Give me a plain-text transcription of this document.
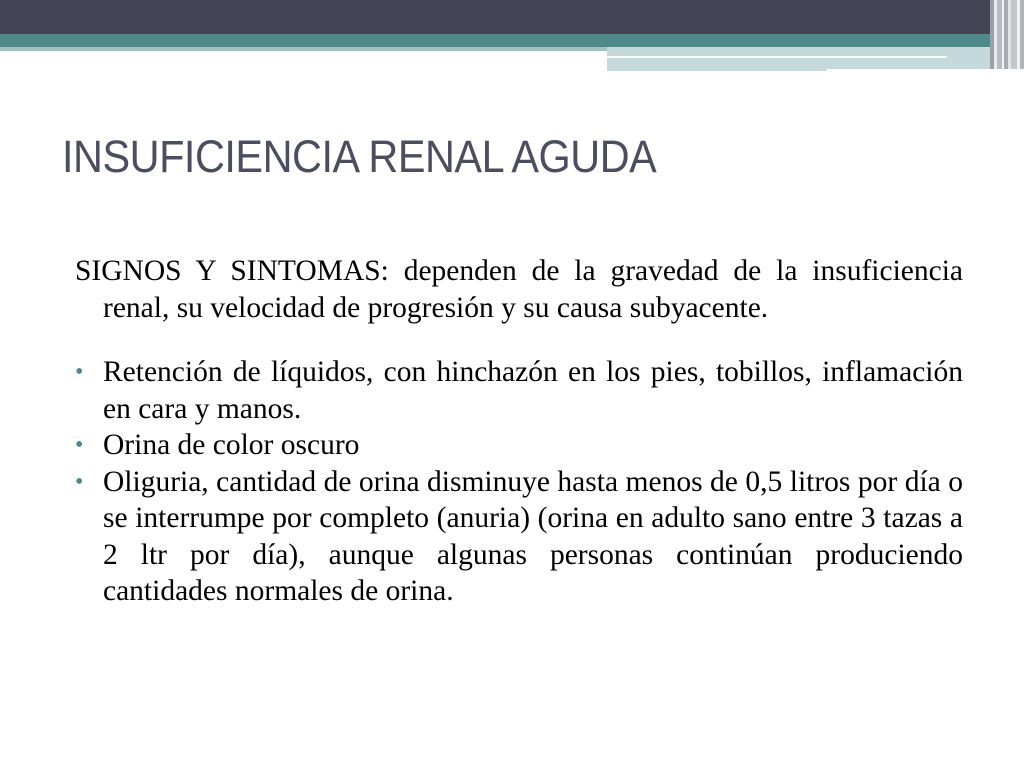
INSUFICIENCIA RENAL AGUDA

SIGNOS Y SINTOMAS: dependen de la gravedad de la insuficiencia renal, su velocidad de progresión y su causa subyacente.

• Retención de líquidos, con hinchazón en los pies, tobillos, inflamación en cara y manos.
• Orina de color oscuro
• Oliguria, cantidad de orina disminuye hasta menos de 0,5 litros por día o se interrumpe por completo (anuria) (orina en adulto sano entre 3 tazas a 2 ltr por día), aunque algunas personas continúan produciendo cantidades normales de orina.
